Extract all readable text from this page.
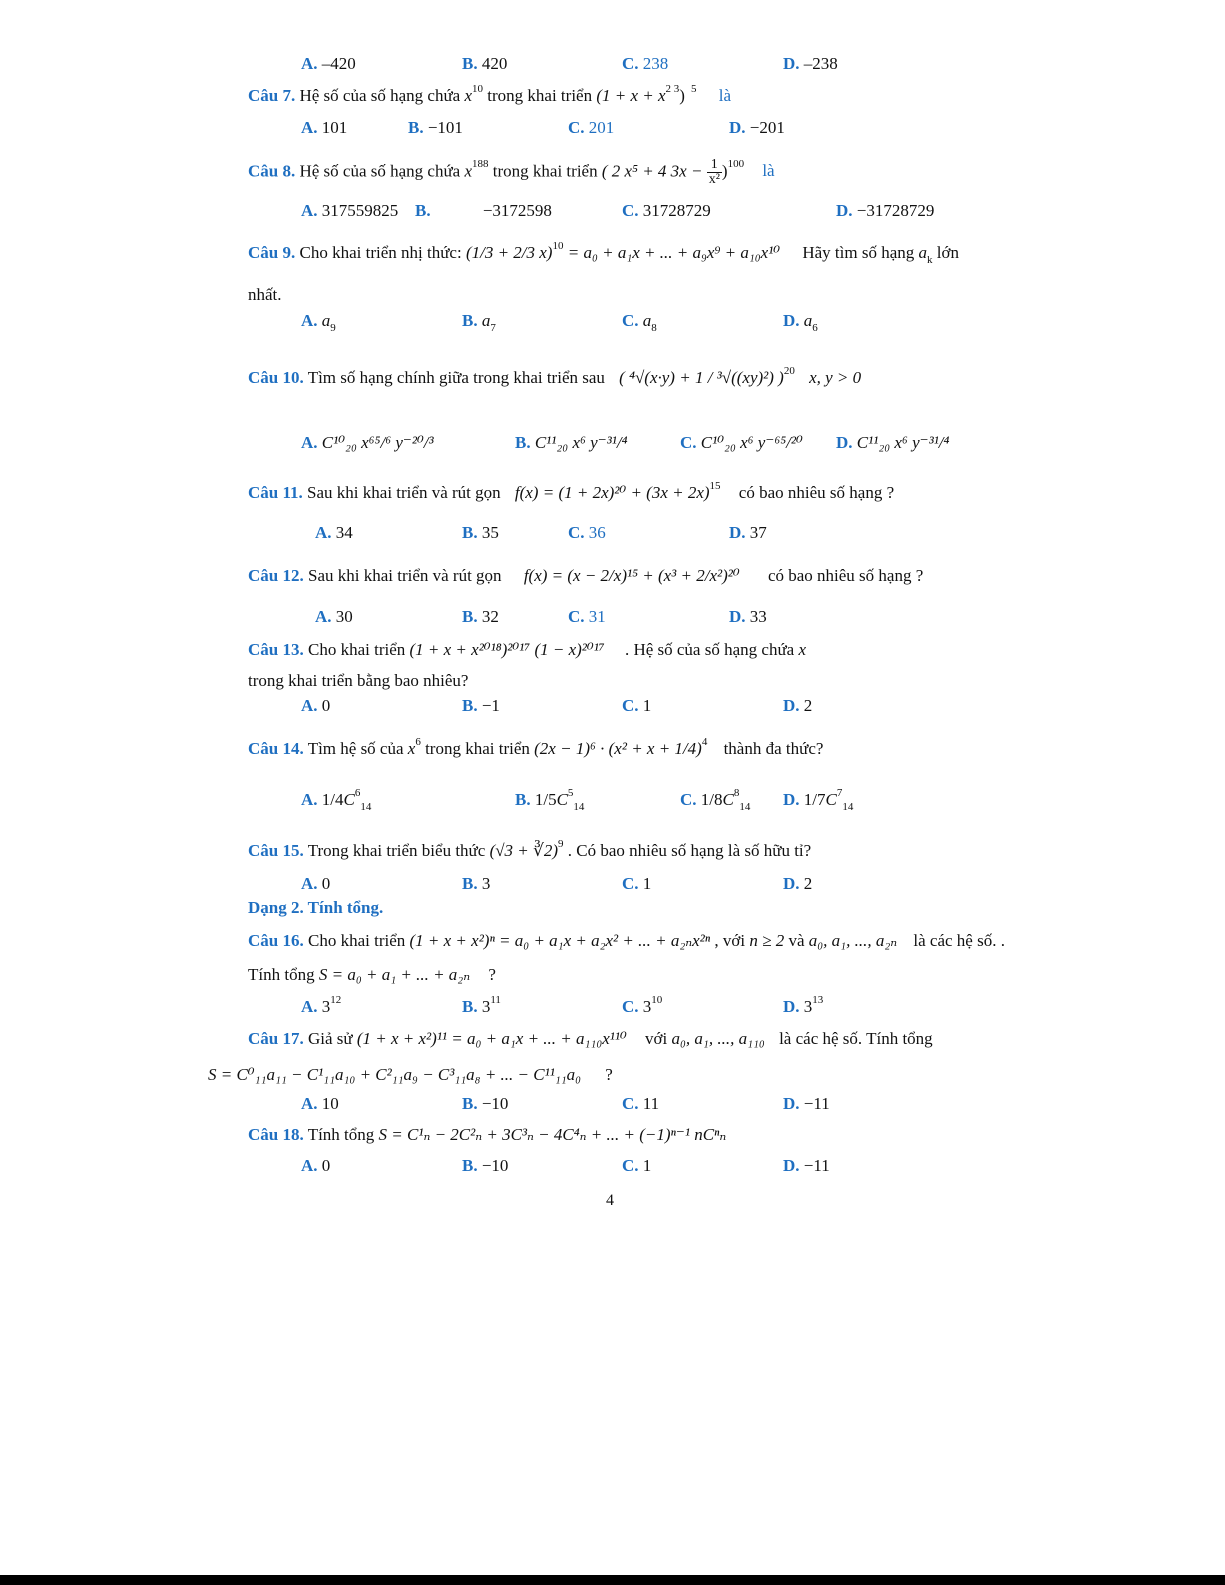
A. –420	B. 420	C. 238	D. –238
Câu 7. Hệ số của số hạng chứa $x^{10}$ trong khai triển $(1 + x + x^{2 3})$ $^5$ là
A. 101	B. −101	C. 201	D. −201
Câu 8. Hệ số của số hạng chứa $x^{188}$ trong khai triển ( 2 x⁵ + 4 $3x - \frac{1}{\text{x²}} )^{100}$ là
A. 317559825 B.	−3172598	C. 31728729	D. −31728729
Câu 9. Cho khai triển nhị thức: (1/3 + 2/3 x)$^{10}$ = a₀ + a₁x + ... + a₉x⁹ + a₁₀x¹⁰ Hãy tìm số hạng $a_k$ lớn
nhất.
A. $a_9$	B. $a_7$	C. $a_8$	D. $a_6$
Câu 10. Tìm số hạng chính giữa trong khai triển sau ( ⁴√(x·y) + 1 / ³√((xy)²) )$^{20}$ x, y > 0
A. C¹⁰₂₀ x⁶⁵/⁶ y⁻²⁰/³	B. C¹¹₂₀ x⁶ y⁻³¹/⁴	C. C¹⁰₂₀ x⁶ y⁻⁶⁵/²⁰ D. C¹¹₂₀ x⁶ y⁻³¹/⁴
Câu 11. Sau khi khai triển và rút gọn $f(x) = (1 + 2x)^{20} + (3x + 2x)^{15}$ có bao nhiêu số hạng ?
A. 34	B. 35	C. 36	D. 37
Câu 12. Sau khi khai triển và rút gọn f(x) = (x − 2/x)¹⁵ + (x³ + 2/x²)²⁰ có bao nhiêu số hạng ?
A. 30	B. 32	C. 31	D. 33
Câu 13. Cho khai triển (1 + x + x²⁰¹⁸)²⁰¹⁷ (1 − x)²⁰¹⁷ . Hệ số của số hạng chứa x
trong khai triển bằng bao nhiêu?
A. 0	B. −1	C. 1	D. 2
Câu 14. Tìm hệ số của $x^6$ trong khai triển $(2x - 1)^6 \cdot (x^2 + x + 1/4)^4$ thành đa thức?
A. $1/4C^6_{14}$	B. $1/5C^5_{14}$	C. $1/8C^8_{14}$ D. $1/7C^7_{14}$
Câu 15. Trong khai triển biểu thức (√3 + ∛2)$^9$ . Có bao nhiêu số hạng là số hữu tỉ?
A. 0	B. 3	C. 1	D. 2
Dạng 2. Tính tổng.
Câu 16. Cho khai triển (1 + x + x²)ⁿ = a₀ + a₁x + a₂x² + ... + a₂ₙx²ⁿ , với n ≥ 2 và a₀, a₁, ..., a₂ₙ là các hệ số. .
Tính tổng S = a₀ + a₁ + ... + a₂ₙ ?
A. $3^{12}$	B. $3^{11}$	C. $3^{10}$	D. $3^{13}$
Câu 17. Giả sử (1 + x + x²)¹¹ = a₀ + a₁x + ... + a₁₁₀x¹¹⁰ với a₀, a₁, ..., a₁₁₀ là các hệ số. Tính tổng
S = C⁰₁₁a₁₁ − C¹₁₁a₁₀ + C²₁₁a₉ − C³₁₁a₈ + ... − C¹¹₁₁a₀ ?
A. 10	B. −10	C. 11	D. −11
Câu 18. Tính tổng S = C¹ₙ − 2C²ₙ + 3C³ₙ − 4C⁴ₙ + ... + (−1)ⁿ⁻¹ nCⁿₙ
A. 0	B. −10	C. 1	D. −11
4
